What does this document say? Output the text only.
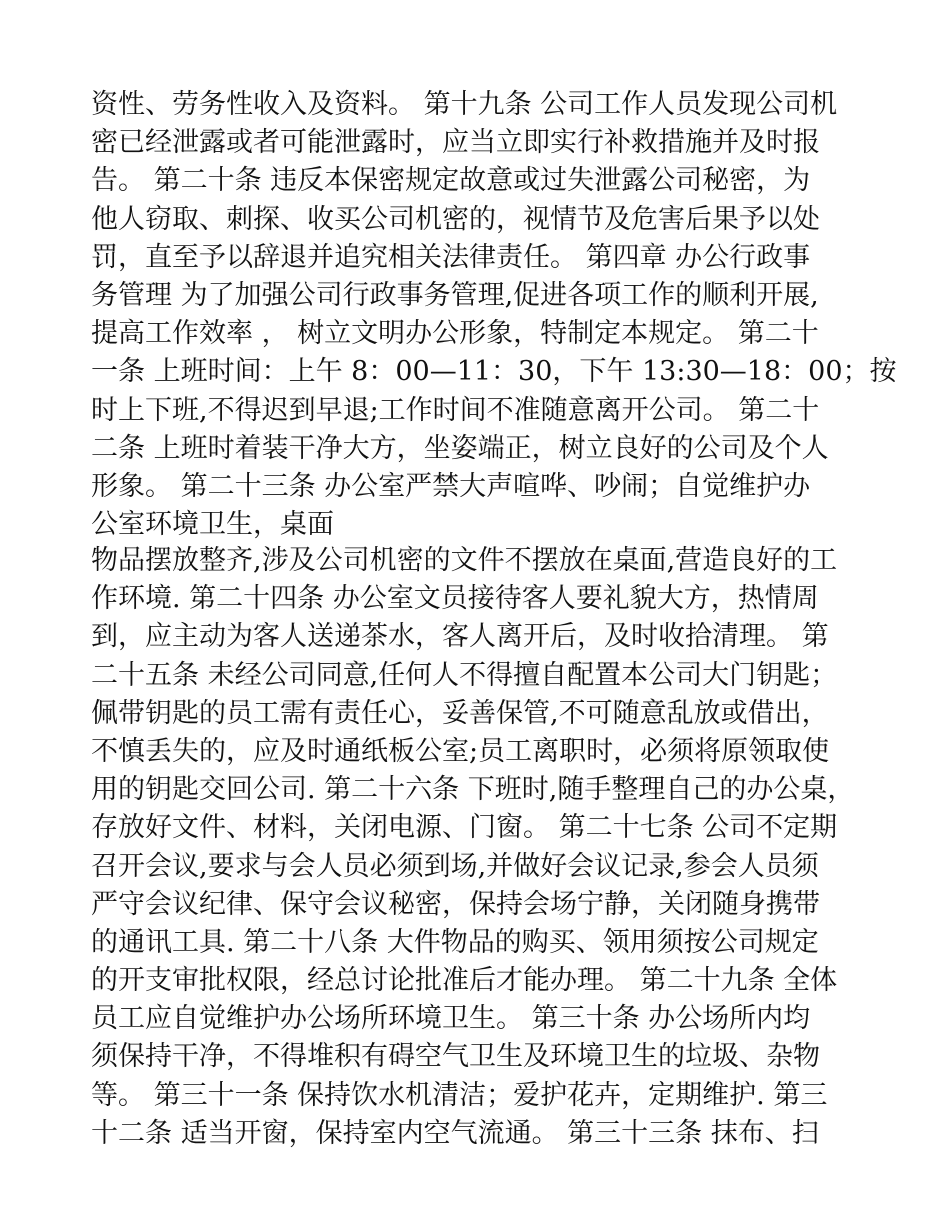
资性、劳务性收入及资料。 第十九条 公司工作人员发现公司机
密已经泄露或者可能泄露时，应当立即实行补救措施并及时报
告。 第二十条 违反本保密规定故意或过失泄露公司秘密，为
他人窃取、刺探、收买公司机密的，视情节及危害后果予以处
罚，直至予以辞退并追究相关法律责任。 第四章 办公行政事
务管理 为了加强公司行政事务管理,促进各项工作的顺利开展,
提高工作效率 ， 树立文明办公形象，特制定本规定。 第二十
一条 上班时间：上午 8：00—11：30，下午 13:30—18：00；按
时上下班,不得迟到早退;工作时间不准随意离开公司。 第二十
二条 上班时着装干净大方，坐姿端正，树立良好的公司及个人
形象。 第二十三条 办公室严禁大声喧哗、吵闹；自觉维护办
公室环境卫生，桌面
物品摆放整齐,涉及公司机密的文件不摆放在桌面,营造良好的工
作环境. 第二十四条 办公室文员接待客人要礼貌大方，热情周
到，应主动为客人送递茶水，客人离开后，及时收拾清理。 第
二十五条 未经公司同意,任何人不得擅自配置本公司大门钥匙；
佩带钥匙的员工需有责任心，妥善保管,不可随意乱放或借出，
不慎丢失的，应及时通纸板公室;员工离职时，必须将原领取使
用的钥匙交回公司. 第二十六条 下班时,随手整理自己的办公桌，
存放好文件、材料，关闭电源、门窗。 第二十七条 公司不定期
召开会议,要求与会人员必须到场,并做好会议记录,参会人员须
严守会议纪律、保守会议秘密，保持会场宁静，关闭随身携带
的通讯工具. 第二十八条 大件物品的购买、领用须按公司规定
的开支审批权限，经总讨论批准后才能办理。 第二十九条 全体
员工应自觉维护办公场所环境卫生。 第三十条 办公场所内均
须保持干净，不得堆积有碍空气卫生及环境卫生的垃圾、杂物
等。 第三十一条 保持饮水机清洁；爱护花卉，定期维护. 第三
十二条 适当开窗，保持室内空气流通。 第三十三条 抹布、扫
